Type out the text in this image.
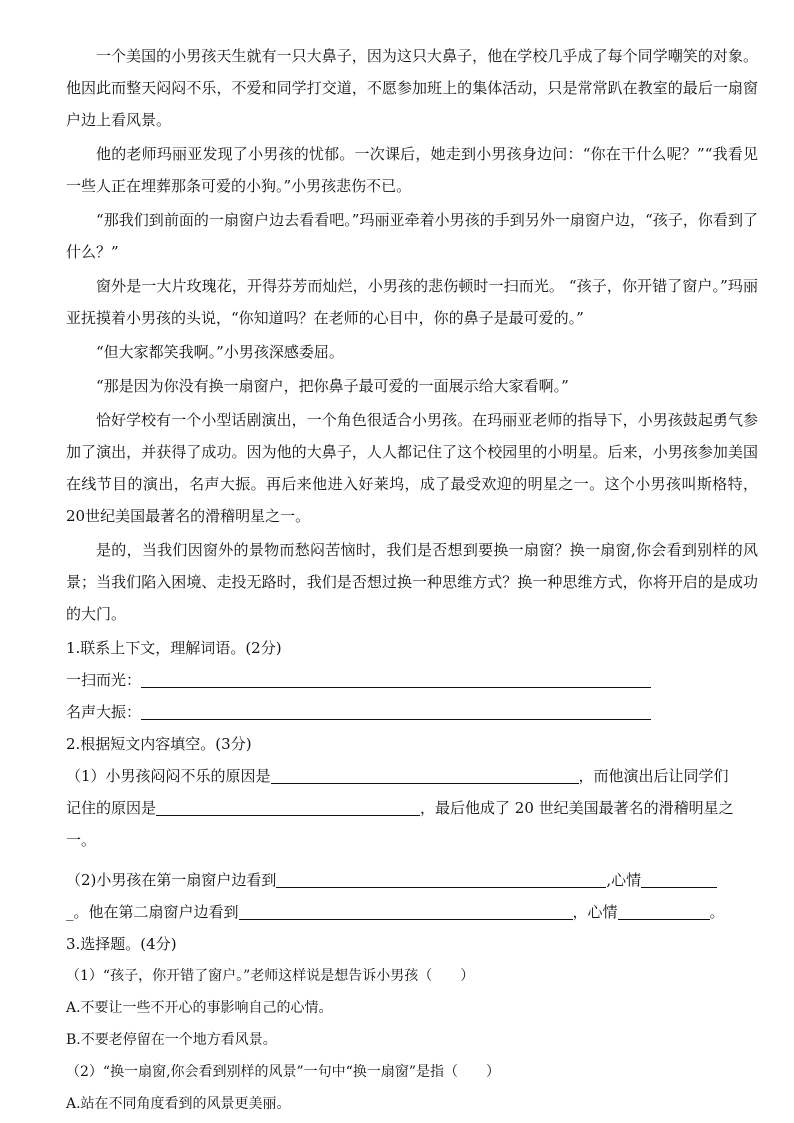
一个美国的小男孩天生就有一只大鼻子，因为这只大鼻子，他在学校几乎成了每个同学嘲笑的对象。他因此而整天闷闷不乐，不爱和同学打交道，不愿参加班上的集体活动，只是常常趴在教室的最后一扇窗户边上看风景。

他的老师玛丽亚发现了小男孩的忧郁。一次课后，她走到小男孩身边问：“你在干什么呢？”“我看见一些人正在埋葬那条可爱的小狗。”小男孩悲伤不已。

“那我们到前面的一扇窗户边去看看吧。”玛丽亚牵着小男孩的手到另外一扇窗户边，“孩子，你看到了什么？”

窗外是一大片玫瑰花，开得芬芳而灿烂，小男孩的悲伤顿时一扫而光。 “孩子，你开错了窗户。”玛丽亚抚摸着小男孩的头说，“你知道吗？在老师的心目中，你的鼻子是最可爱的。”

“但大家都笑我啊。”小男孩深感委屈。

“那是因为你没有换一扇窗户，把你鼻子最可爱的一面展示给大家看啊。”

恰好学校有一个小型话剧演出，一个角色很适合小男孩。在玛丽亚老师的指导下，小男孩鼓起勇气参加了演出，并获得了成功。因为他的大鼻子，人人都记住了这个校园里的小明星。后来，小男孩参加美国在线节目的演出，名声大振。再后来他进入好莱坞，成了最受欢迎的明星之一。这个小男孩叫斯格特，20世纪美国最著名的滑稽明星之一。

是的，当我们因窗外的景物而愁闷苦恼时，我们是否想到要换一扇窗？换一扇窗,你会看到别样的风景；当我们陷入困境、走投无路时，我们是否想过换一种思维方式？换一种思维方式，你将开启的是成功的大门。

1.联系上下文，理解词语。(2分)

一扫而光：

名声大振：

2.根据短文内容填空。(3分)

（1）小男孩闷闷不乐的原因是	，而他演出后让同学们

记住的原因是	，最后他成了 20 世纪美国最著名的滑稽明星之

一。

（2)小男孩在第一扇窗户边看到	,心情

_。他在第二扇窗户边看到	，心情	。

3.选择题。(4分)

（1）“孩子，你开错了窗户。”老师这样说是想告诉小男孩（　　）

A.不要让一些不开心的事影响自己的心情。

B.不要老停留在一个地方看风景。

（2）“换一扇窗,你会看到别样的风景”一句中“换一扇窗”是指（　　）

A.站在不同角度看到的风景更美丽。
